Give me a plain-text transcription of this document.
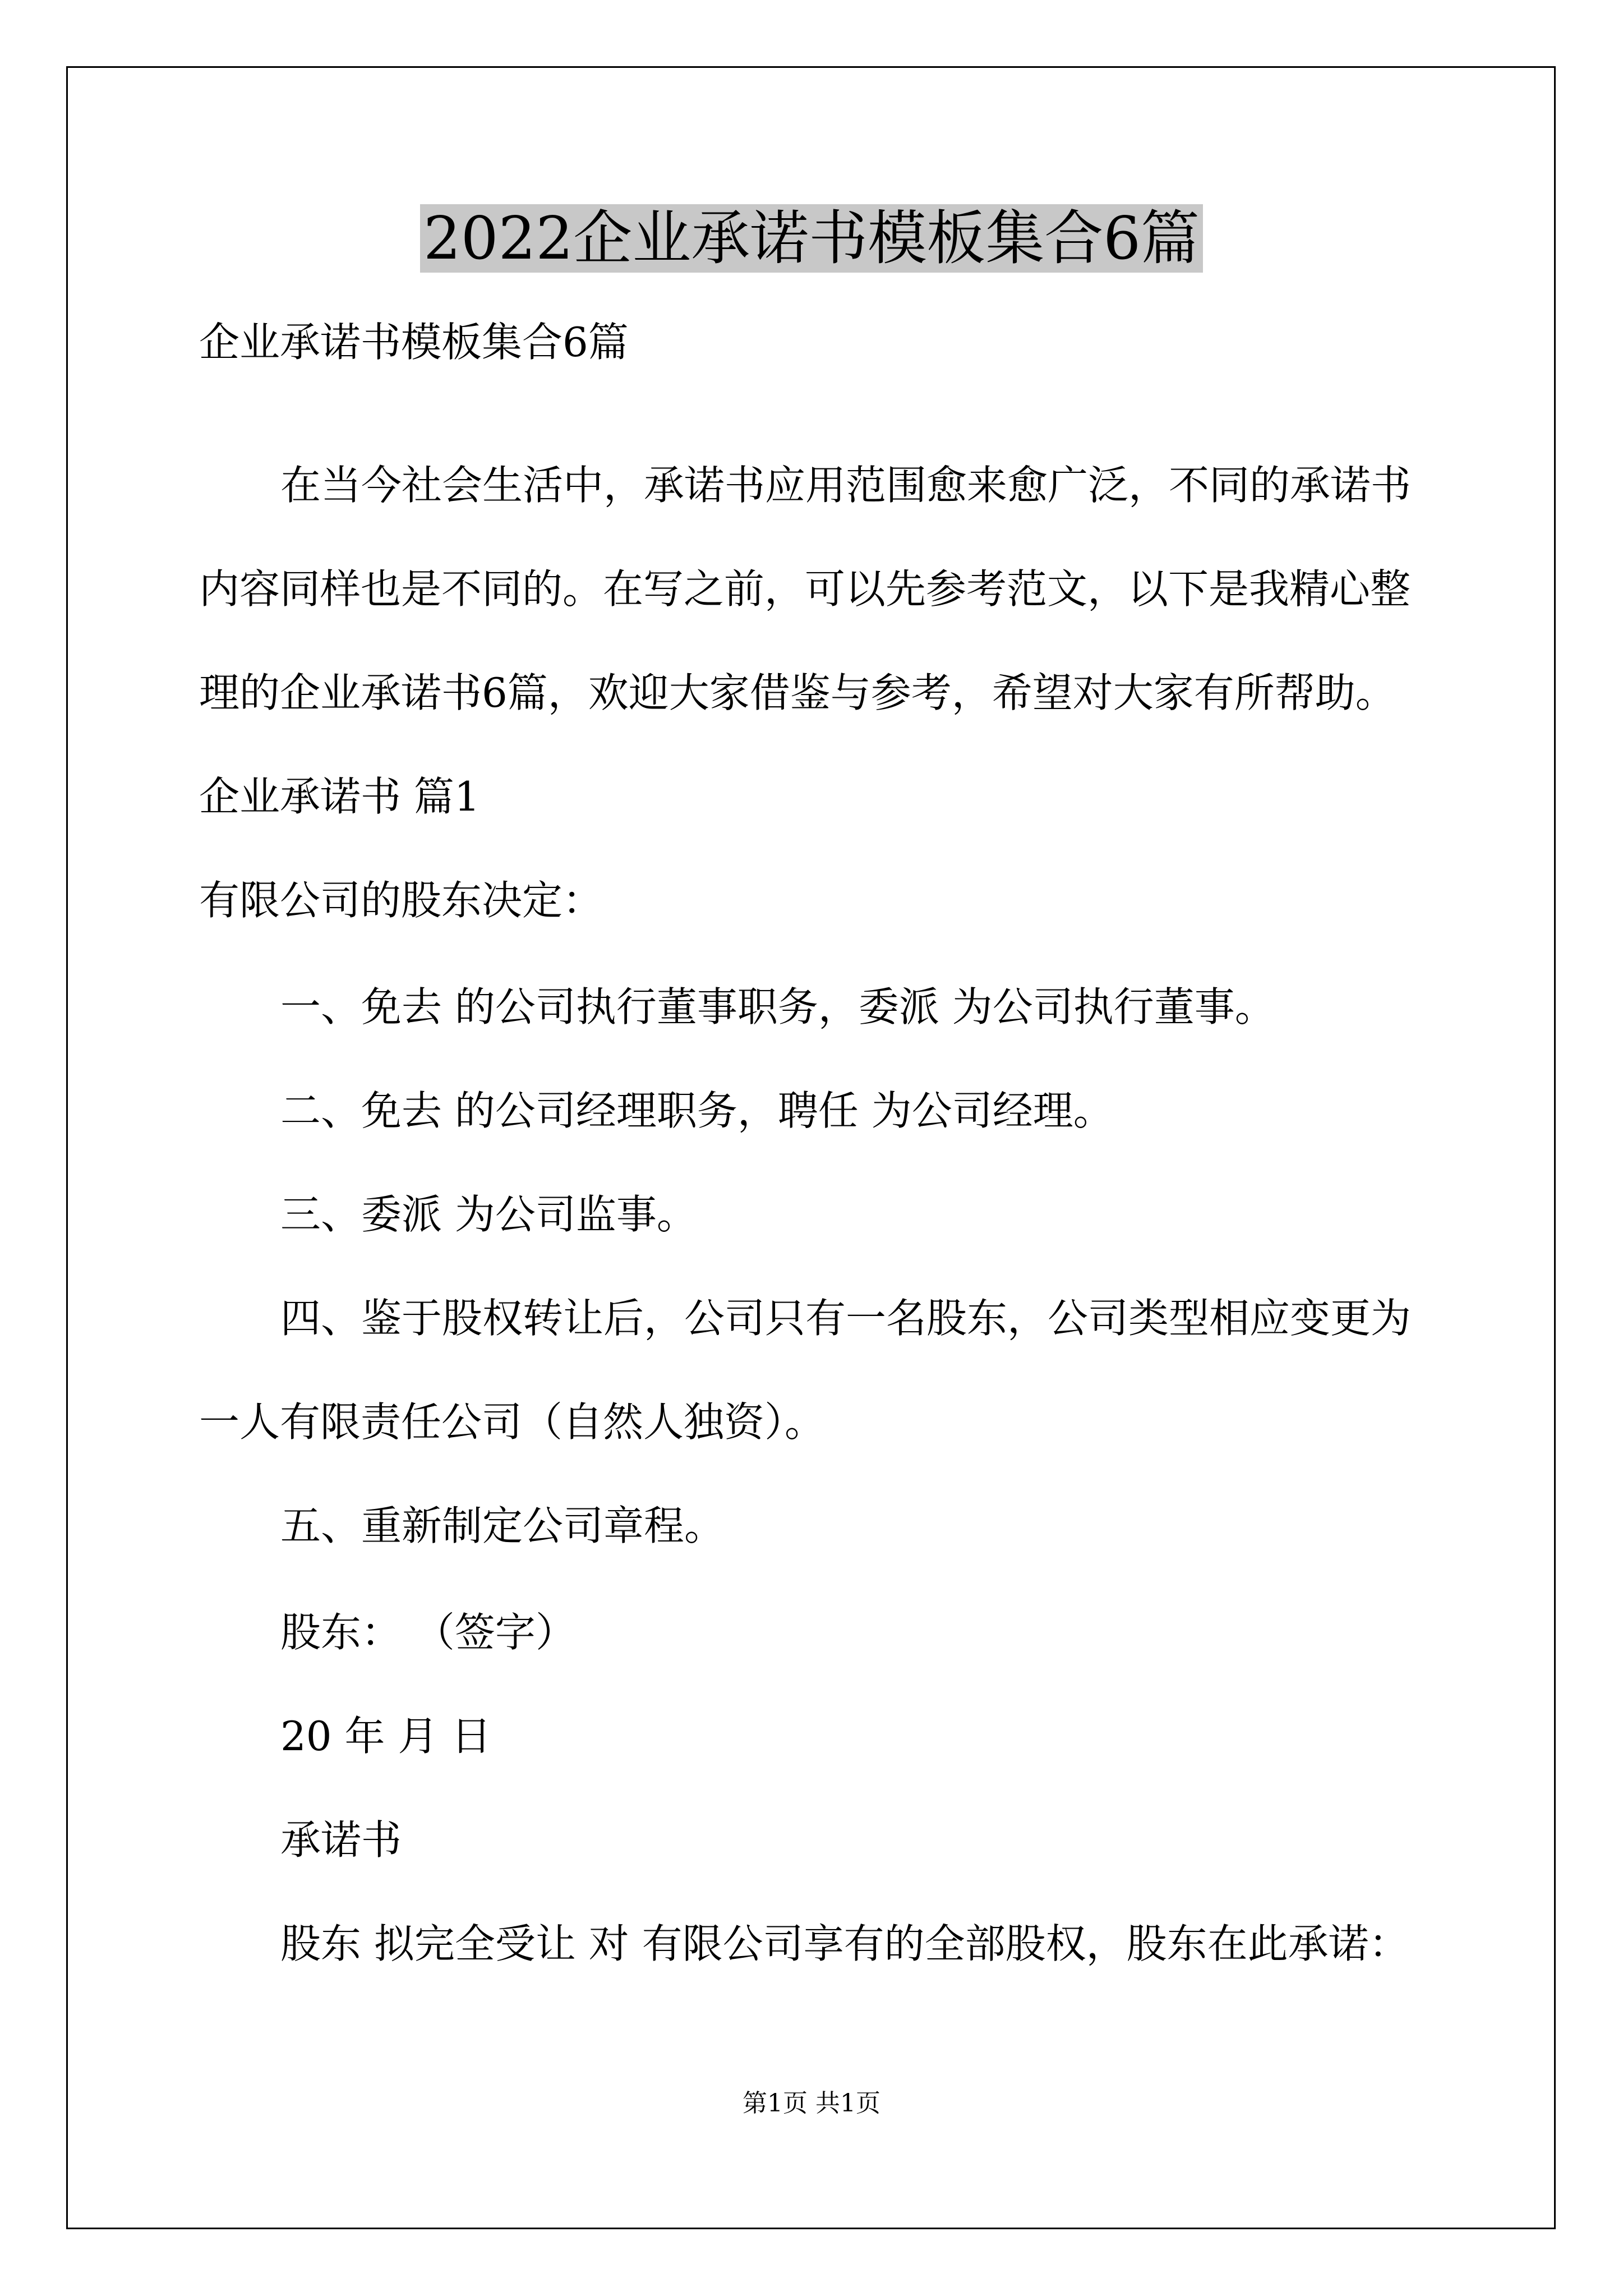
2022企业承诺书模板集合6篇
企业承诺书模板集合6篇
在当今社会生活中，承诺书应用范围愈来愈广泛，不同的承诺书
内容同样也是不同的。在写之前，可以先参考范文，以下是我精心整
理的企业承诺书6篇，欢迎大家借鉴与参考，希望对大家有所帮助。
企业承诺书 篇1
有限公司的股东决定：
一、免去 的公司执行董事职务，委派 为公司执行董事。
二、免去 的公司经理职务，聘任 为公司经理。
三、委派 为公司监事。
四、鉴于股权转让后，公司只有一名股东，公司类型相应变更为
一人有限责任公司（自然人独资）。
五、重新制定公司章程。
股东： （签字）
20 年 月 日
承诺书
股东 拟完全受让 对 有限公司享有的全部股权，股东在此承诺：
第1页 共1页
